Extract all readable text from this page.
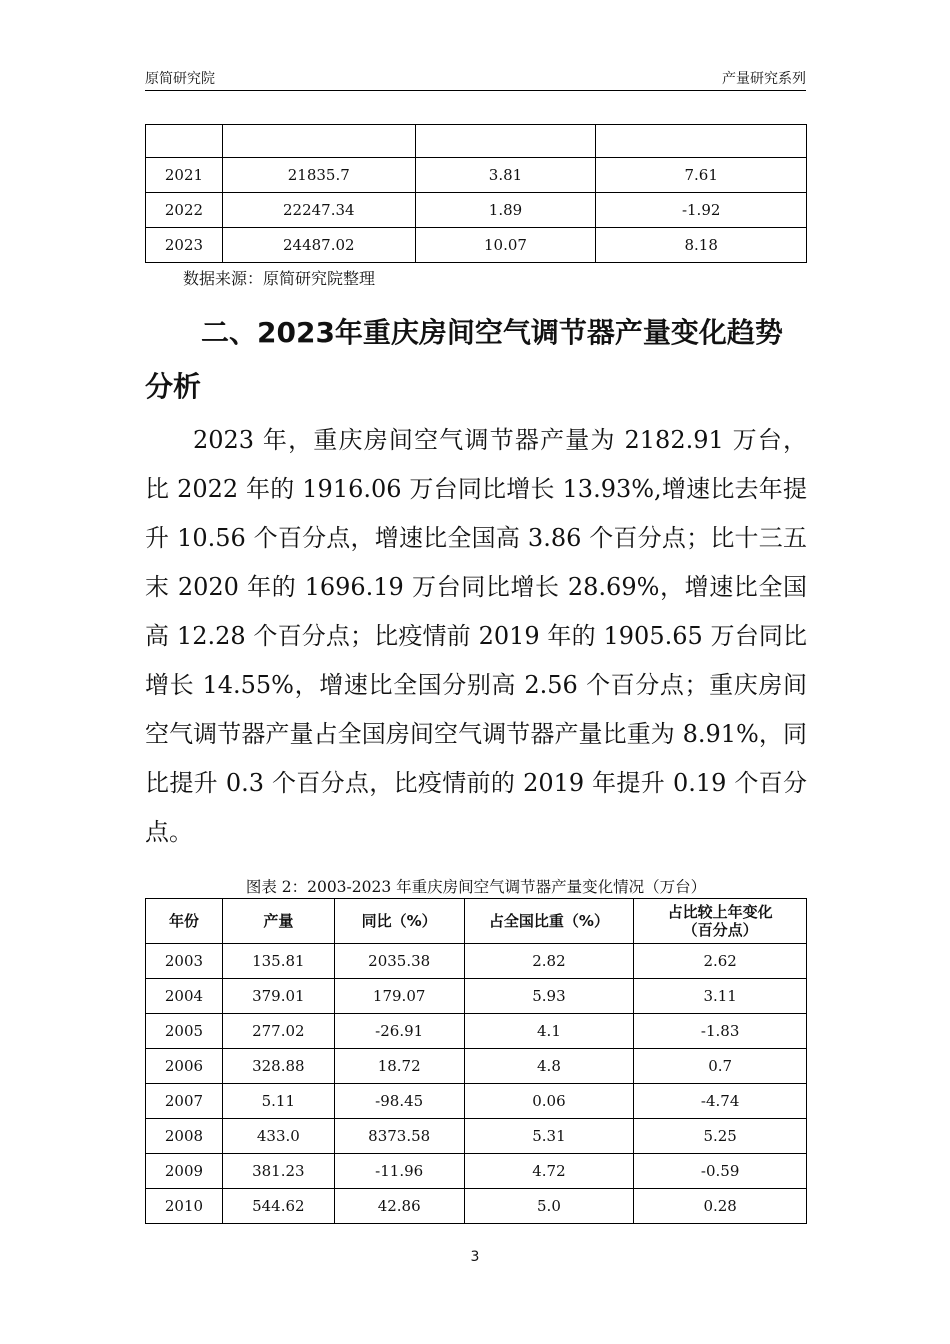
原简研究院	产量研究系列

2021	21835.7	3.81	7.61
2022	22247.34	1.89	-1.92
2023	24487.02	10.07	8.18
数据来源：原简研究院整理
二、2023年重庆房间空气调节器产量变化趋势分析

2023 年，重庆房间空气调节器产量为 2182.91 万台，比 2022 年的 1916.06 万台同比增长 13.93%,增速比去年提升 10.56 个百分点，增速比全国高 3.86 个百分点；比十三五末 2020 年的 1696.19 万台同比增长 28.69%，增速比全国高 12.28 个百分点；比疫情前 2019 年的 1905.65 万台同比增长 14.55%，增速比全国分别高 2.56 个百分点；重庆房间空气调节器产量占全国房间空气调节器产量比重为 8.91%，同比提升 0.3 个百分点，比疫情前的 2019 年提升 0.19 个百分点。

图表 2：2003-2023 年重庆房间空气调节器产量变化情况（万台）
年份	产量	同比（%）	占全国比重（%）	占比较上年变化
（百分点）
2003	135.81	2035.38	2.82	2.62
2004	379.01	179.07	5.93	3.11
2005	277.02	-26.91	4.1	-1.83
2006	328.88	18.72	4.8	0.7
2007	5.11	-98.45	0.06	-4.74
2008	433.0	8373.58	5.31	5.25
2009	381.23	-11.96	4.72	-0.59
2010	544.62	42.86	5.0	0.28
3
